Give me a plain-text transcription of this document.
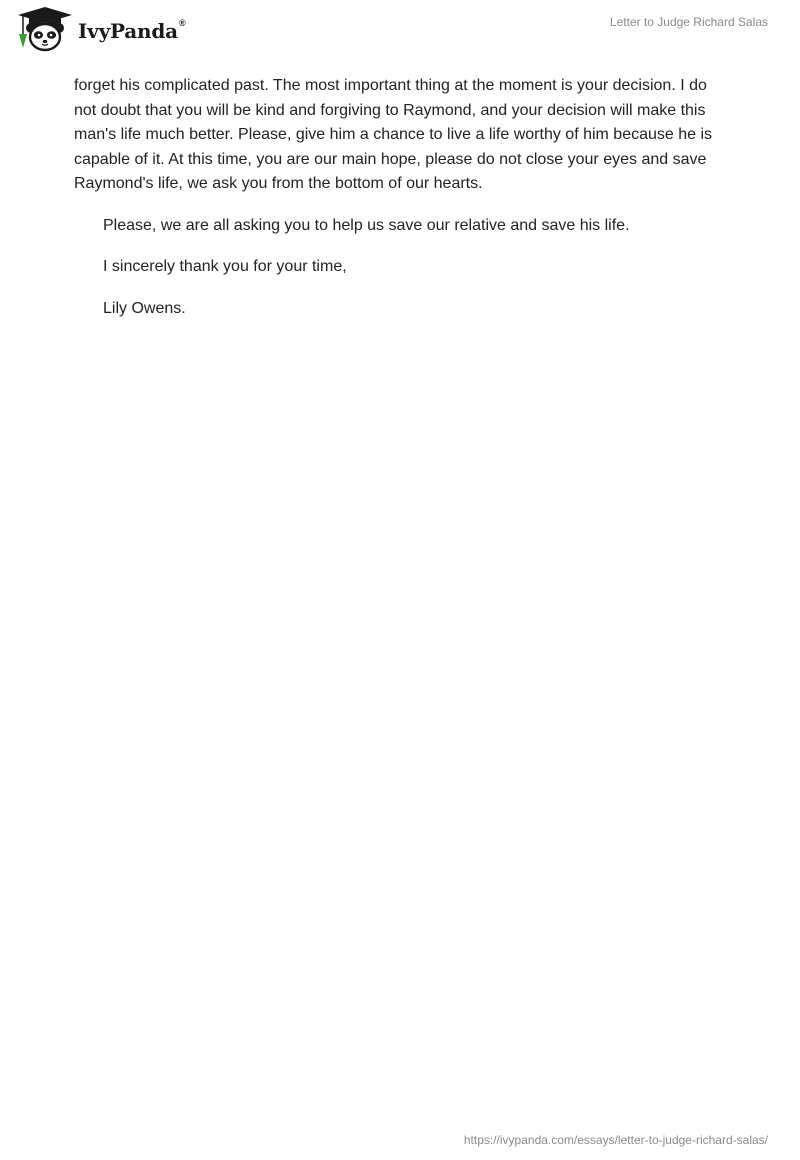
IvyPanda®	Letter to Judge Richard Salas

forget his complicated past. The most important thing at the moment is your decision. I do not doubt that you will be kind and forgiving to Raymond, and your decision will make this man's life much better. Please, give him a chance to live a life worthy of him because he is capable of it. At this time, you are our main hope, please do not close your eyes and save Raymond's life, we ask you from the bottom of our hearts.

Please, we are all asking you to help us save our relative and save his life.

I sincerely thank you for your time,

Lily Owens.

https://ivypanda.com/essays/letter-to-judge-richard-salas/
